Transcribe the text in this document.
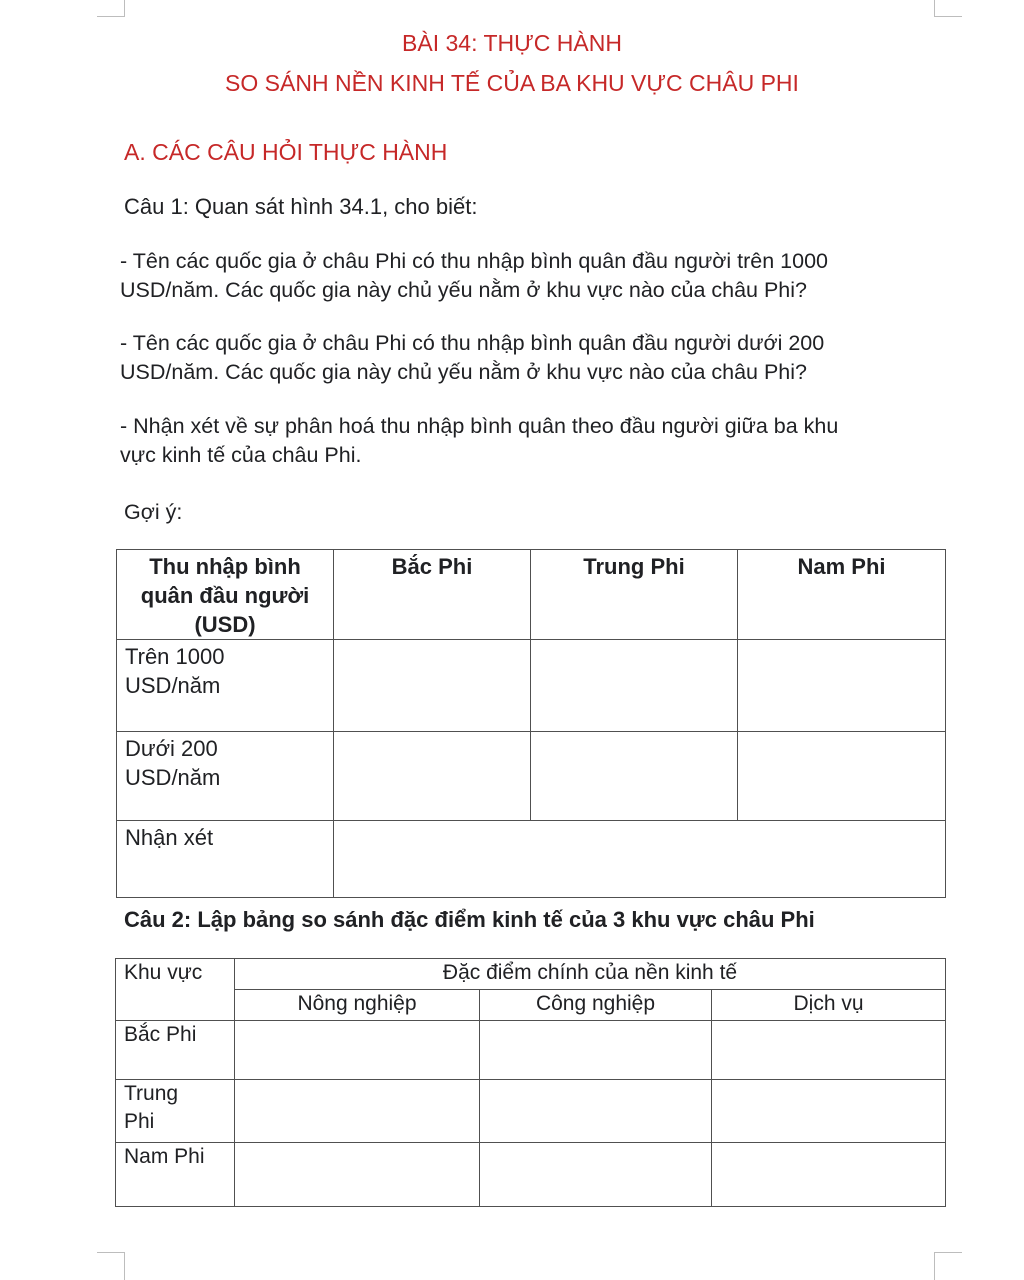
BÀI 34: THỰC HÀNH
SO SÁNH NỀN KINH TẾ CỦA BA KHU VỰC CHÂU PHI
A. CÁC CÂU HỎI THỰC HÀNH
Câu 1: Quan sát hình 34.1, cho biết:
- Tên các quốc gia ở châu Phi có thu nhập bình quân đầu người trên 1000
USD/năm. Các quốc gia này chủ yếu nằm ở khu vực nào của châu Phi?
- Tên các quốc gia ở châu Phi có thu nhập bình quân đầu người dưới 200
USD/năm. Các quốc gia này chủ yếu nằm ở khu vực nào của châu Phi?
- Nhận xét về sự phân hoá thu nhập bình quân theo đầu người giữa ba khu
vực kinh tế của châu Phi.
Gợi ý:
Thu nhập bình
quân đầu người
(USD)	Bắc Phi	Trung Phi	Nam Phi

Trên 1000
USD/năm			

Dưới 200
USD/năm			

Nhận xét			
Câu 2: Lập bảng so sánh đặc điểm kinh tế của 3 khu vực châu Phi
Khu vực	Đặc điểm chính của nền kinh tế		
	Nông nghiệp	Công nghiệp	Dịch vụ

Bắc Phi			

Trung
Phi			

Nam Phi			
